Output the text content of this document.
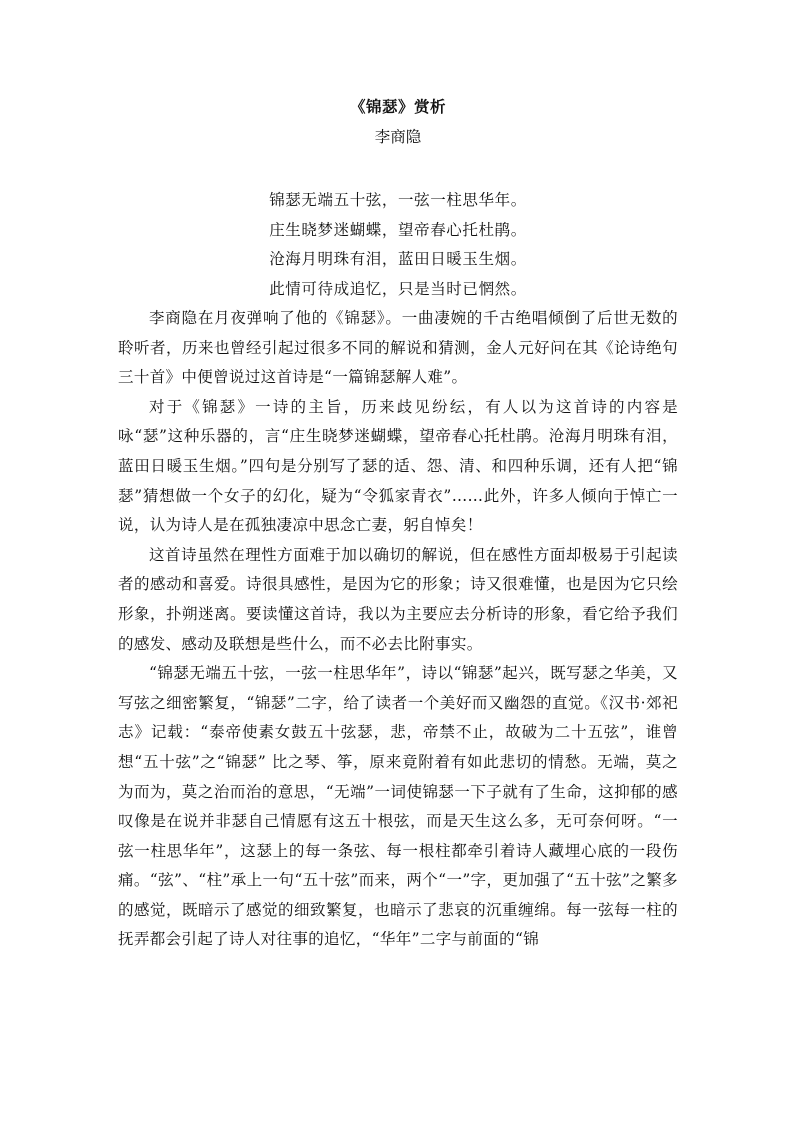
《锦瑟》赏析

李商隐

锦瑟无端五十弦，一弦一柱思华年。

庄生晓梦迷蝴蝶，望帝春心托杜鹃。

沧海月明珠有泪，蓝田日暖玉生烟。

此情可待成追忆，只是当时已惘然。

李商隐在月夜弹响了他的《锦瑟》。一曲凄婉的千古绝唱倾倒了后世无数的聆听者，历来也曾经引起过很多不同的解说和猜测，金人元好问在其《论诗绝句三十首》中便曾说过这首诗是“一篇锦瑟解人难”。

对于《锦瑟》一诗的主旨，历来歧见纷纭，有人以为这首诗的内容是咏“瑟”这种乐器的，言“庄生晓梦迷蝴蝶，望帝春心托杜鹃。沧海月明珠有泪，蓝田日暖玉生烟。”四句是分别写了瑟的适、怨、清、和四种乐调，还有人把“锦瑟”猜想做一个女子的幻化，疑为“令狐家青衣”……此外，许多人倾向于悼亡一说，认为诗人是在孤独凄凉中思念亡妻，躬自悼矣！

这首诗虽然在理性方面难于加以确切的解说，但在感性方面却极易于引起读者的感动和喜爱。诗很具感性，是因为它的形象；诗又很难懂，也是因为它只绘形象，扑朔迷离。要读懂这首诗，我以为主要应去分析诗的形象，看它给予我们的感发、感动及联想是些什么，而不必去比附事实。

“锦瑟无端五十弦，一弦一柱思华年”，诗以“锦瑟”起兴，既写瑟之华美，又写弦之细密繁复，“锦瑟”二字，给了读者一个美好而又幽怨的直觉。《汉书·郊祀志》记载：“泰帝使素女鼓五十弦瑟，悲，帝禁不止，故破为二十五弦”，谁曾想“五十弦”之“锦瑟” 比之琴、筝，原来竟附着有如此悲切的情愁。无端，莫之为而为，莫之治而治的意思，“无端”一词使锦瑟一下子就有了生命，这抑郁的感叹像是在说并非瑟自己情愿有这五十根弦，而是天生这么多，无可奈何呀。“一弦一柱思华年”，这瑟上的每一条弦、每一根柱都牵引着诗人藏埋心底的一段伤痛。“弦”、“柱”承上一句“五十弦”而来，两个“一”字，更加强了“五十弦”之繁多的感觉，既暗示了感觉的细致繁复，也暗示了悲哀的沉重缠绵。每一弦每一柱的抚弄都会引起了诗人对往事的追忆，“华年”二字与前面的“锦
